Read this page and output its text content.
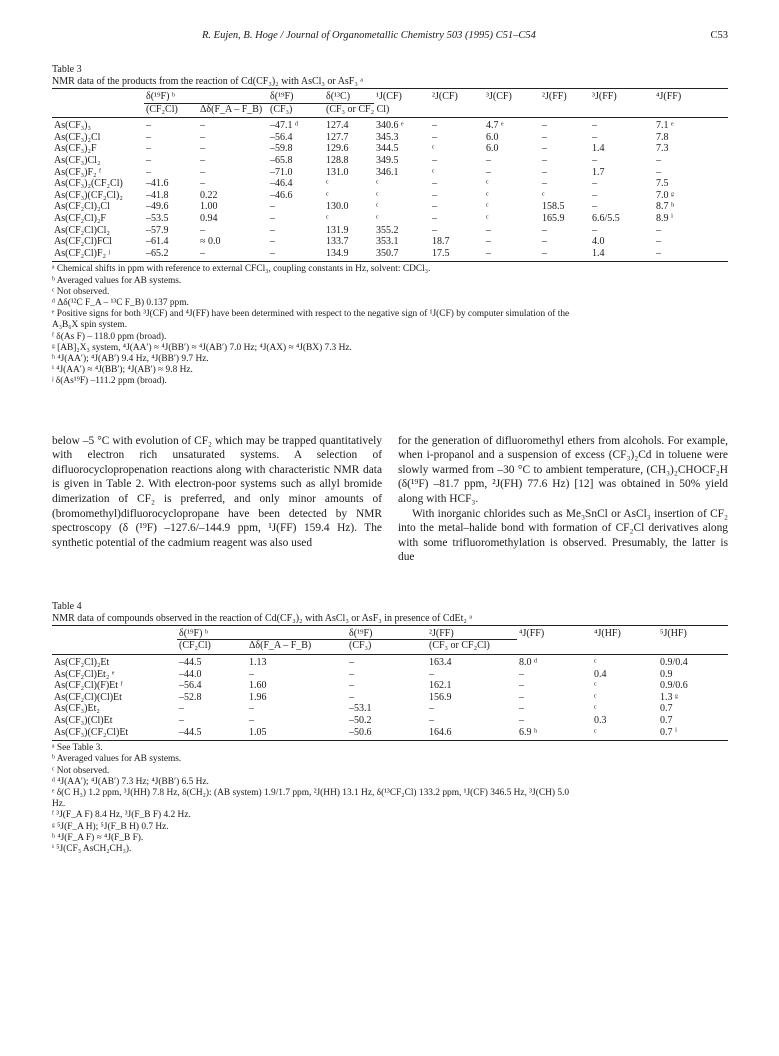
R. Eujen, B. Hoge / Journal of Organometallic Chemistry 503 (1995) C51–C54	C53
Table 3
NMR data of the products from the reaction of Cd(CF₃)₂ with AsCl₃ or AsF₃ ᵃ
	δ(¹⁹F) ᵇ		δ(¹⁹F)	δ(¹³C)	¹J(CF)	²J(CF)	³J(CF)	²J(FF)	³J(FF)	⁴J(FF)
	(CF₂Cl)	Δδ(F_A – F_B)	(CF₃)	(CF₃ or CF₂ Cl)						
As(CF₃)₃	–	–	–47.1 ᵈ	127.4	340.6 ᵉ	–	4.7 ᵉ	–	–	7.1 ᵉ
As(CF₃)₂Cl	–	–	–56.4	127.7	345.3	–	6.0	–	–	7.8
As(CF₃)₂F	–	–	–59.8	129.6	344.5	ᶜ	6.0	–	1.4	7.3
As(CF₃)Cl₂	–	–	–65.8	128.8	349.5	–	–	–	–	–
As(CF₃)F₂ ᶠ	–	–	–71.0	131.0	346.1	ᶜ	–	–	1.7	–
As(CF₃)₂(CF₂Cl)	–41.6	–	–46.4	ᶜ	ᶜ	–	ᶜ	–	–	7.5
As(CF₃)(CF₂Cl)₂	–41.8	0.22	–46.6	ᶜ	ᶜ	–	ᶜ	ᶜ	–	7.0 ᵍ
As(CF₂Cl)₂Cl	–49.6	1.00	–	130.0	ᶜ	–	ᶜ	158.5	–	8.7 ʰ
As(CF₂Cl)₂F	–53.5	0.94	–	ᶜ	ᶜ	–	ᶜ	165.9	6.6/5.5	8.9 ⁱ
As(CF₂Cl)Cl₂	–57.9	–	–	131.9	355.2	–	–	–	–	–
As(CF₂Cl)FCl	–61.4	≈ 0.0	–	133.7	353.1	18.7	–	–	4.0	–
As(CF₂Cl)F₂ ʲ	–65.2	–	–	134.9	350.7	17.5	–	–	1.4	–
ᵃ Chemical shifts in ppm with reference to external CFCl₃, coupling constants in Hz, solvent: CDCl₃.
ᵇ Averaged values for AB systems.
ᶜ Not observed.
ᵈ Δδ(¹²C F_A – ¹³C F_B) 0.137 ppm.
ᵉ Positive signs for both ³J(CF) and ⁴J(FF) have been determined with respect to the negative sign of ¹J(CF) by computer simulation of the
A₃B₆X spin system.
ᶠ δ(As F) – 118.0 ppm (broad).
ᵍ [AB]₂X₃ system, ⁴J(AA′) ≈ ⁴J(BB′) ≈ ⁴J(AB′) 7.0 Hz; ⁴J(AX) ≈ ⁴J(BX) 7.3 Hz.
ʰ ⁴J(AA′); ⁴J(AB′) 9.4 Hz, ⁴J(BB′) 9.7 Hz.
ⁱ ⁴J(AA′) ≈ ⁴J(BB′); ⁴J(AB′) ≈ 9.8 Hz.
ʲ δ(As¹⁹F) –111.2 ppm (broad).

below –5 °C with evolution of CF₂ which may be trapped quantitatively with electron rich unsaturated systems. A selection of difluorocyclopropenation reactions along with characteristic NMR data is given in Table 2. With electron-poor systems such as allyl bromide dimerization of CF₂ is preferred, and only minor amounts of (bromomethyl)difluorocyclopropane have been detected by NMR spectroscopy (δ (¹⁹F) –127.6/–144.9 ppm, ¹J(FF) 159.4 Hz). The synthetic potential of the cadmium reagent was also used

for the generation of difluoromethyl ethers from alcohols. For example, when i-propanol and a suspension of excess (CF₃)₂Cd in toluene were slowly warmed from –30 °C to ambient temperature, (CH₃)₂CHOCF₂H (δ(¹⁹F) –81.7 ppm, ²J(FH) 77.6 Hz) [12] was obtained in 50% yield along with HCF₃.

With inorganic chlorides such as Me₃SnCl or AsCl₃ insertion of CF₂ into the metal–halide bond with formation of CF₂Cl derivatives along with some trifluoromethylation is observed. Presumably, the latter is due

Table 4
NMR data of compounds observed in the reaction of Cd(CF₃)₂ with AsCl₃ or AsF₃ in presence of CdEt₂ ᵃ
	δ(¹⁹F) ᵇ		δ(¹⁹F)	²J(FF)	⁴J(FF)	⁴J(HF)	⁵J(HF)
	(CF₂Cl)	Δδ(F_A – F_B)	(CF₃)	(CF₃ or CF₂Cl)			
As(CF₂Cl)₂Et	–44.5	1.13	–	163.4	8.0 ᵈ	ᶜ	0.9/0.4
As(CF₂Cl)Et₂ ᵉ	–44.0	–	–	–	–	0.4	0.9
As(CF₂Cl)(F)Et ᶠ	–56.4	1.60	–	162.1	–	ᶜ	0.9/0.6
As(CF₂Cl)(Cl)Et	–52.8	1.96	–	156.9	–	ᶜ	1.3 ᵍ
As(CF₃)Et₂	–	–	–53.1	–	–	ᶜ	0.7
As(CF₃)(Cl)Et	–	–	–50.2	–	–	0.3	0.7
As(CF₃)(CF₂Cl)Et	–44.5	1.05	–50.6	164.6	6.9 ʰ	ᶜ	0.7 ⁱ
ᵃ See Table 3.
ᵇ Averaged values for AB systems.
ᶜ Not observed.
ᵈ ⁴J(AA′); ⁴J(AB′) 7.3 Hz; ⁴J(BB′) 6.5 Hz.
ᵉ δ(C H₃) 1.2 ppm, ³J(HH) 7.8 Hz, δ(CH₂): (AB system) 1.9/1.7 ppm, ²J(HH) 13.1 Hz, δ(¹³CF₂Cl) 133.2 ppm, ¹J(CF) 346.5 Hz, ³J(CH) 5.0
Hz.
ᶠ ³J(F_A F) 8.4 Hz, ³J(F_B F) 4.2 Hz.
ᵍ ⁵J(F_A H); ⁵J(F_B H) 0.7 Hz.
ʰ ⁴J(F_A F) ≈ ⁴J(F_B F).
ⁱ ⁵J(CF₃ AsCH₂CH₃).
